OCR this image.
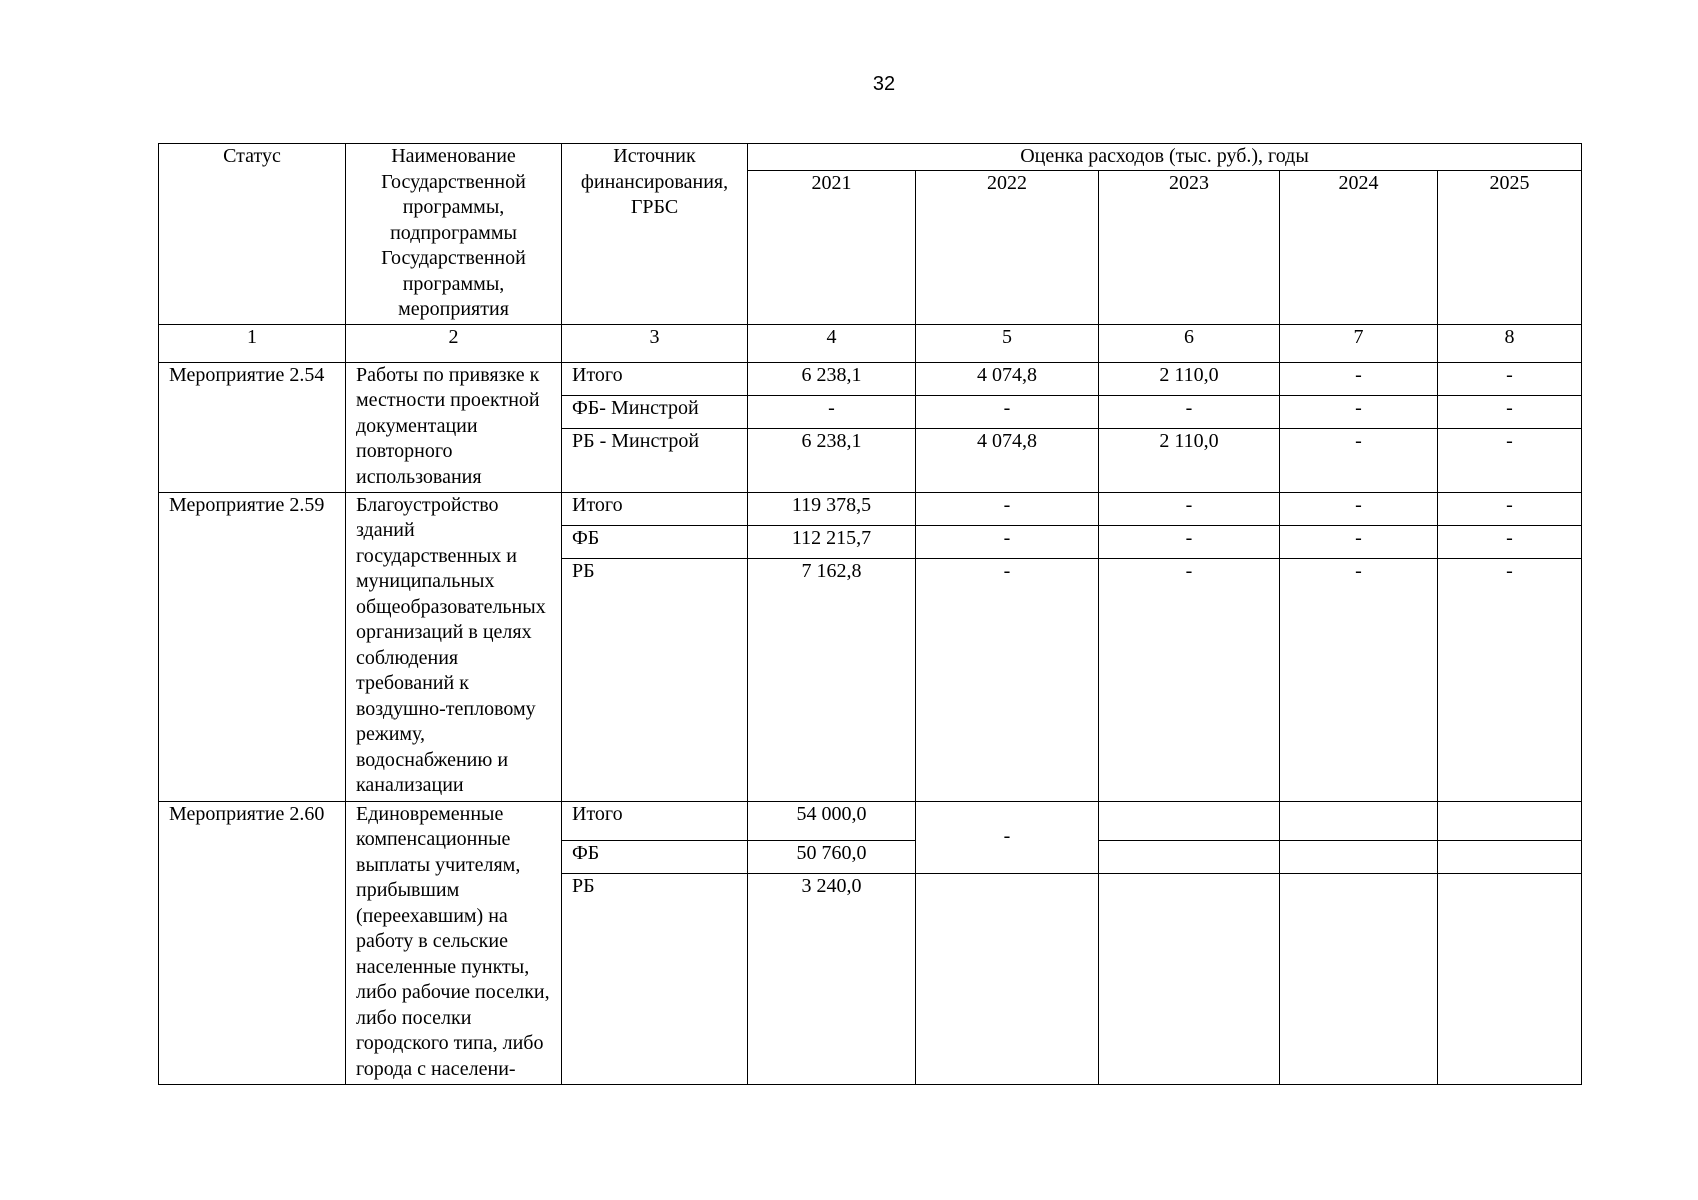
32
Статус	Наименование Государственной программы, подпрограммы Государственной программы, мероприятия	Источник финансирования, ГРБС	Оценка расходов (тыс. руб.), годы				
			2021	2022	2023	2024	2025
1	2	3	4	5	6	7	8
Мероприятие 2.54	Работы по привязке к местности проектной документации повторного использования	Итого	6 238,1	4 074,8	2 110,0	-	-
		ФБ- Минстрой	-	-	-	-	-
		РБ - Минстрой	6 238,1	4 074,8	2 110,0	-	-
Мероприятие 2.59	Благоустройство зданий государственных и муниципальных общеобразовательных организаций в целях соблюдения требований к воздушно-тепловому режиму, водоснабжению и канализации	Итого	119 378,5	-	-	-	-
		ФБ	112 215,7	-	-	-	-
		РБ	7 162,8	-	-	-	-
Мероприятие 2.60	Единовременные компенсационные выплаты учителям, прибывшим (переехавшим) на работу в сельские населенные пункты, либо рабочие поселки, либо поселки городского типа, либо города с населени-	Итого	54 000,0	-			
		ФБ	50 760,0				
		РБ	3 240,0				
